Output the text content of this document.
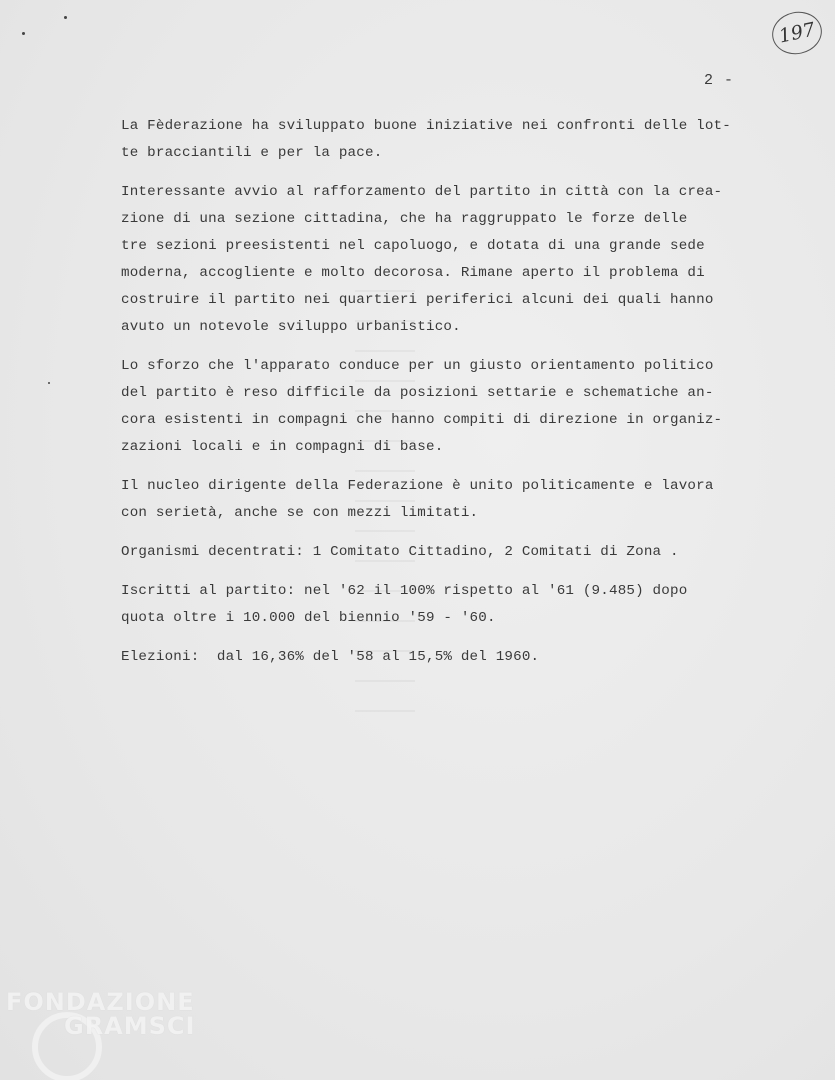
197
2 -

La Fèderazione ha sviluppato buone iniziative nei confronti delle lot-
te bracciantili e per la pace.

Interessante avvio al rafforzamento del partito in città con la crea-
zione di una sezione cittadina, che ha raggruppato le forze delle
tre sezioni preesistenti nel capoluogo, e dotata di una grande sede
moderna, accogliente e molto decorosa. Rimane aperto il problema di
costruire il partito nei quartieri periferici alcuni dei quali hanno
avuto un notevole sviluppo urbanistico.

Lo sforzo che l'apparato conduce per un giusto orientamento politico
del partito è reso difficile da posizioni settarie e schematiche an-
cora esistenti in compagni che hanno compiti di direzione in organiz-
zazioni locali e in compagni di base.

Il nucleo dirigente della Federazione è unito politicamente e lavora
con serietà, anche se con mezzi limitati.

Organismi decentrati: 1 Comitato Cittadino, 2 Comitati di Zona .

Iscritti al partito: nel '62 il 100% rispetto al '61 (9.485) dopo
quota oltre i 10.000 del biennio '59 - '60.

Elezioni:  dal 16,36% del '58 al 15,5% del 1960.

FONDAZIONE
GRAMSCI
